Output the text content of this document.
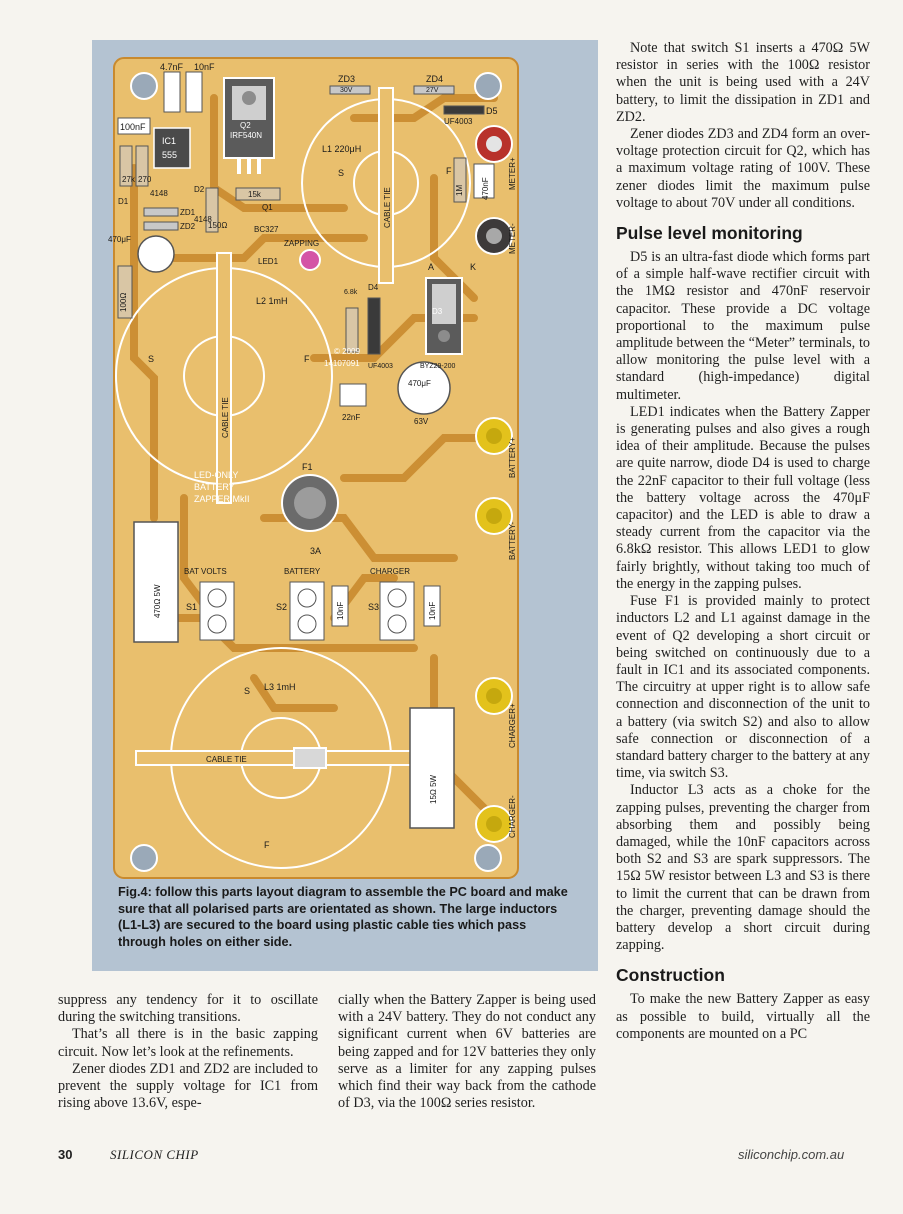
10nF
4.7nF
100nF
IC1
555
27k 270
D1
4148
ZD3
30V
ZD4
27V
D5
UF4003
Q2
IRF540N
L1 220μH
S	F
D2
4148
150Ω
15k
Q1
BC327
ZD1
ZD2
470μF	ZAPPING
LED1
L2 1mH
S	F
D4
6.8k
UF4003
D3
BYZ29-200
A	K
470μF
63V
22nF
F1
3A
BAT VOLTS	BATTERY	CHARGER
S1	S2	S3
L3 1mH
S
F
14107091
© 2009
LED-ONLY
BATTERY
ZAPPER MkII
METER+
METER-
BATTERY+
BATTERY-
CHARGER+
CHARGER-
100Ω
1M 470nF
470Ω 5W
15Ω 5W
10nF	10nF
CABLE TIE
CABLE TIE
CABLE TIE
Fig.4: follow this parts layout diagram to assemble the PC board and make sure that all polarised parts are orientated as shown. The large inductors (L1-L3) are secured to the board using plastic cable ties which pass through holes on either side.

suppress any tendency for it to oscillate during the switching transitions.

That’s all there is in the basic zapping circuit. Now let’s look at the refinements.

Zener diodes ZD1 and ZD2 are included to prevent the supply voltage for IC1 from rising above 13.6V, espe-

cially when the Battery Zapper is being used with a 24V battery. They do not conduct any significant current when 6V batteries are being zapped and for 12V batteries they only serve as a limiter for any zapping pulses which find their way back from the cathode of D3, via the 100Ω series resistor.

Note that switch S1 inserts a 470Ω 5W resistor in series with the 100Ω resistor when the unit is being used with a 24V battery, to limit the dissipation in ZD1 and ZD2.

Zener diodes ZD3 and ZD4 form an over-voltage protection circuit for Q2, which has a maximum voltage rating of 100V. These zener diodes limit the maximum pulse voltage to about 70V under all conditions.

Pulse level monitoring

D5 is an ultra-fast diode which forms part of a simple half-wave rectifier circuit with the 1MΩ resistor and 470nF reservoir capacitor. These provide a DC voltage proportional to the maximum pulse amplitude between the “Meter” terminals, to allow monitoring the pulse level with a standard (high-impedance) digital multimeter.

LED1 indicates when the Battery Zapper is generating pulses and also gives a rough idea of their amplitude. Because the pulses are quite narrow, diode D4 is used to charge the 22nF capacitor to their full voltage (less the battery voltage across the 470μF capacitor) and the LED is able to draw a steady current from the capacitor via the 6.8kΩ resistor. This allows LED1 to glow fairly brightly, without taking too much of the energy in the zapping pulses.

Fuse F1 is provided mainly to protect inductors L2 and L1 against damage in the event of Q2 developing a short circuit or being switched on continuously due to a fault in IC1 and its associated components. The circuitry at upper right is to allow safe connection and disconnection of the unit to a battery (via switch S2) and also to allow safe connection or disconnection of a standard battery charger to the battery at any time, via switch S3.

Inductor L3 acts as a choke for the zapping pulses, preventing the charger from absorbing them and possibly being damaged, while the 10nF capacitors across both S2 and S3 are spark suppressors. The 15Ω 5W resistor between L3 and S3 is there to limit the current that can be drawn from the charger, preventing damage should the battery develop a short circuit during zapping.

Construction

To make the new Battery Zapper as easy as possible to build, virtually all the components are mounted on a PC

30	SILICON CHIP	siliconchip.com.au
